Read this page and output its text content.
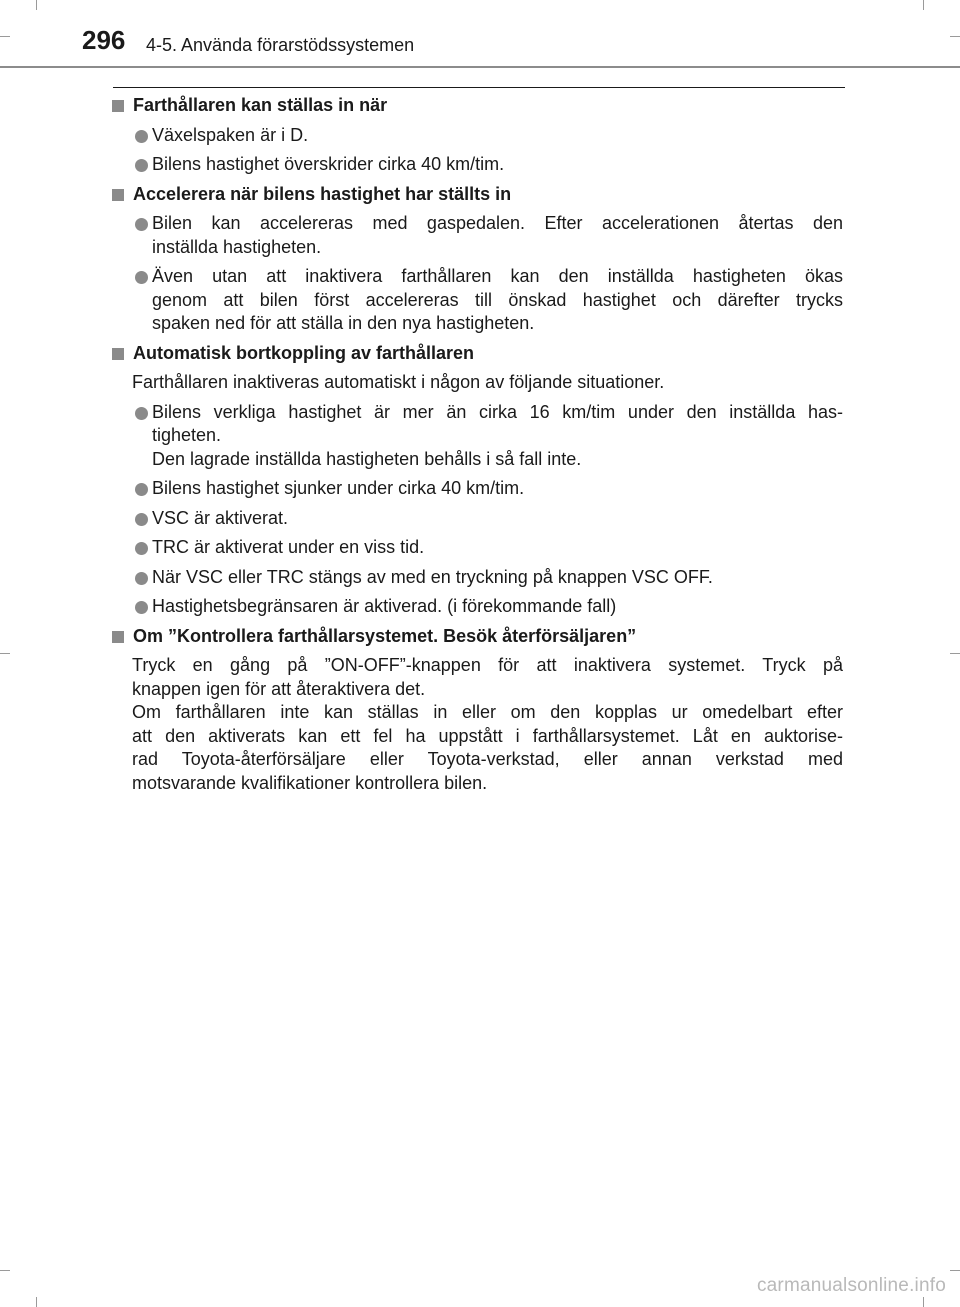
296 4-5. Använda förarstödssystemen
Farthållaren kan ställas in när
Växelspaken är i D.
Bilens hastighet överskrider cirka 40 km/tim.
Accelerera när bilens hastighet har ställts in
Bilen kan accelereras med gaspedalen. Efter accelerationen återtas den
inställda hastigheten.
Även utan att inaktivera farthållaren kan den inställda hastigheten ökas
genom att bilen först accelereras till önskad hastighet och därefter trycks
spaken ned för att ställa in den nya hastigheten.
Automatisk bortkoppling av farthållaren
Farthållaren inaktiveras automatiskt i någon av följande situationer.
Bilens verkliga hastighet är mer än cirka 16 km/tim under den inställda has-
tigheten.
Den lagrade inställda hastigheten behålls i så fall inte.
Bilens hastighet sjunker under cirka 40 km/tim.
VSC är aktiverat.
TRC är aktiverat under en viss tid.
När VSC eller TRC stängs av med en tryckning på knappen VSC OFF.
Hastighetsbegränsaren är aktiverad. (i förekommande fall)
Om ”Kontrollera farthållarsystemet. Besök återförsäljaren”
Tryck en gång på ”ON-OFF”-knappen för att inaktivera systemet. Tryck på
knappen igen för att återaktivera det.
Om farthållaren inte kan ställas in eller om den kopplas ur omedelbart efter
att den aktiverats kan ett fel ha uppstått i farthållarsystemet. Låt en auktorise-
rad Toyota-återförsäljare eller Toyota-verkstad, eller annan verkstad med
motsvarande kvalifikationer kontrollera bilen.
carmanualsonline.info
